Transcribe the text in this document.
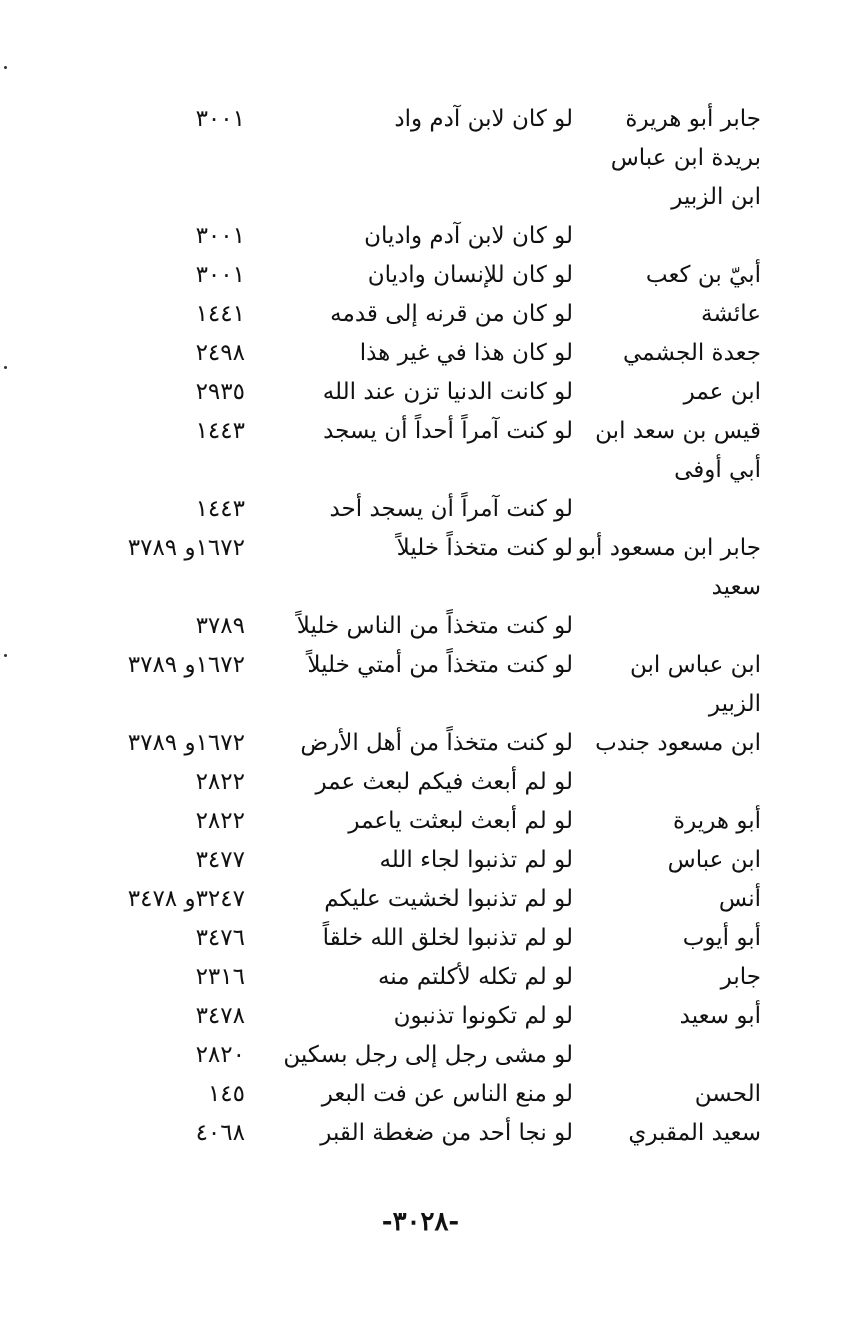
جابر أبو هريرة
لو كان لابن آدم واد
٣٠٠١
بريدة ابن عباس
ابن الزبير
لو كان لابن آدم واديان
٣٠٠١
أبيّ بن كعب
لو كان للإنسان واديان
٣٠٠١
عائشة
لو كان من قرنه إلى قدمه
١٤٤١
جعدة الجشمي
لو كان هذا في غير هذا
٢٤٩٨
ابن عمر
لو كانت الدنيا تزن عند الله
٢٩٣٥
قيس بن سعد ابن
لو كنت آمراً أحداً أن يسجد
١٤٤٣
أبي أوفى
لو كنت آمراً أن يسجد أحد
١٤٤٣
جابر ابن مسعود أبو
لو كنت متخذاً خليلاً
١٦٧٢و ٣٧٨٩
سعيد
لو كنت متخذاً من الناس خليلاً
٣٧٨٩
ابن عباس ابن
لو كنت متخذاً من أمتي خليلاً
١٦٧٢و ٣٧٨٩
الزبير
ابن مسعود جندب
لو كنت متخذاً من أهل الأرض
١٦٧٢و ٣٧٨٩
لو لم أبعث فيكم لبعث عمر
٢٨٢٢
أبو هريرة
لو لم أبعث لبعثت ياعمر
٢٨٢٢
ابن عباس
لو لم تذنبوا لجاء الله
٣٤٧٧
أنس
لو لم تذنبوا لخشيت عليكم
٣٢٤٧و ٣٤٧٨
أبو أيوب
لو لم تذنبوا لخلق الله خلقاً
٣٤٧٦
جابر
لو لم تكله لأكلتم منه
٢٣١٦
أبو سعيد
لو لم تكونوا تذنبون
٣٤٧٨
لو مشى رجل إلى رجل بسكين
٢٨٢٠
الحسن
لو منع الناس عن فت البعر
١٤٥
سعيد المقبري
لو نجا أحد من ضغطة القبر
٤٠٦٨
-٣٠٢٨-
